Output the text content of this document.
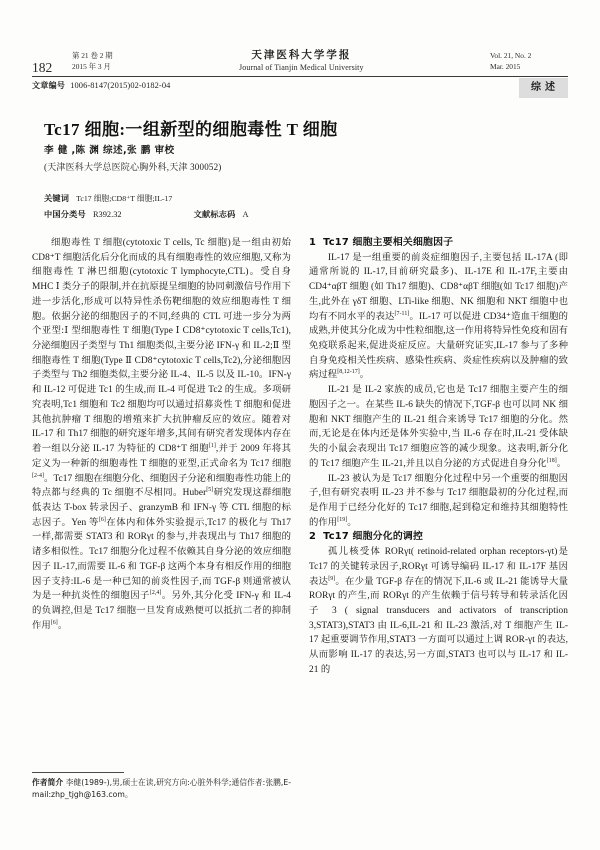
182
第 21 卷 2 期
2015 年 3 月
天津医科大学学报
Journal of Tianjin Medical University
Vol. 21, No. 2
Mar. 2015
文章编号 1006-8147(2015)02-0182-04	综述
Tc17 细胞:一组新型的细胞毒性 T 细胞
李 健 ,陈 渊 综述,张 鹏 审校
(天津医科大学总医院心胸外科,天津 300052)
关键词 Tc17 细胞;CD8⁺T 细胞;IL-17
中国分类号 R392.32	文献标志码 A

细胞毒性 T 细胞(cytotoxic T cells, Tc 细胞)是一组由初始 CD8⁺T 细胞活化后分化而成的具有细胞毒性的效应细胞,又称为细胞毒性 T 淋巴细胞(cytotoxic T lymphocyte,CTL)。受自身 MHC Ⅰ 类分子的限制,并在抗原提呈细胞的协同刺激信号作用下进一步活化,形成可以特异性杀伤靶细胞的效应细胞毒性 T 细胞。依据分泌的细胞因子的不同,经典的 CTL 可进一步分为两个亚型:Ⅰ 型细胞毒性 T 细胞(Type Ⅰ CD8⁺cytotoxic T cells,Tc1),分泌细胞因子类型与 Th1 细胞类似,主要分泌 IFN-γ 和 IL-2;Ⅱ 型细胞毒性 T 细胞(Type Ⅱ CD8⁺cytotoxic T cells,Tc2),分泌细胞因子类型与 Th2 细胞类似,主要分泌 IL-4、IL-5 以及 IL-10。IFN-γ 和 IL-12 可促进 Tc1 的生成,而 IL-4 可促进 Tc2 的生成。多项研究表明,Tc1 细胞和 Tc2 细胞均可以通过招募炎性 T 细胞和促进其他抗肿瘤 T 细胞的增殖来扩大抗肿瘤反应的效应。随着对 IL-17 和 Th17 细胞的研究逐年增多,其间有研究者发现体内存在着一组以分泌 IL-17 为特征的 CD8⁺T 细胞[1],并于 2009 年将其定义为一种新的细胞毒性 T 细胞的亚型,正式命名为 Tc17 细胞[2-4]。Tc17 细胞在细胞分化、细胞因子分泌和细胞毒性功能上的特点都与经典的 Tc 细胞不尽相同。Huber[5]研究发现这群细胞低表达 T-box 转录因子、granzymB 和 IFN-γ 等 CTL 细胞的标志因子。Yen 等[6]在体内和体外实验提示,Tc17 的极化与 Th17 一样,都需要 STAT3 和 RORγt 的参与,并表现出与 Th17 细胞的诸多相似性。Tc17 细胞分化过程不依赖其自身分泌的效应细胞因子 IL-17,而需要 IL-6 和 TGF-β 这两个本身有相反作用的细胞因子支持:IL-6 是一种已知的前炎性因子,而 TGF-β 则通常被认为是一种抗炎性的细胞因子[2,4]。另外,其分化受 IFN-γ 和 IL-4 的负调控,但是 Tc17 细胞一旦发育成熟便可以抵抗二者的抑制作用[6]。

1 Tc17 细胞主要相关细胞因子

IL-17 是一组重要的前炎症细胞因子,主要包括 IL-17A (即通常所说的 IL-17,目前研究最多)、IL-17E 和 IL-17F,主要由 CD4⁺αβT 细胞 (如 Th17 细胞)、CD8⁺αβT 细胞(如 Tc17 细胞)产生,此外在 γδT 细胞、LTi-like 细胞、NK 细胞和 NKT 细胞中也均有不同水平的表达[7-11]。IL-17 可以促进 CD34⁺造血干细胞的成熟,并使其分化成为中性粒细胞,这一作用将特异性免疫和固有免疫联系起来,促进炎症反应。大量研究证实,IL-17 参与了多种自身免疫相关性疾病、感染性疾病、炎症性疾病以及肿瘤的致病过程[8,12-17]。

IL-21 是 IL-2 家族的成员,它也是 Tc17 细胞主要产生的细胞因子之一。在某些 IL-6 缺失的情况下,TGF-β 也可以同 NK 细胞和 NKT 细胞产生的 IL-21 组合来诱导 Tc17 细胞的分化。然而,无论是在体内还是体外实验中,当 IL-6 存在时,IL-21 受体缺失的小鼠会表现出 Tc17 细胞应答的减少现象。这表明,新分化的 Tc17 细胞产生 IL-21,并且以自分泌的方式促进自身分化[18]。

IL-23 被认为是 Tc17 细胞分化过程中另一个重要的细胞因子,但有研究表明 IL-23 并不参与 Tc17 细胞最初的分化过程,而是作用于已经分化好的 Tc17 细胞,起到稳定和维持其细胞特性的作用[19]。

2 Tc17 细胞分化的调控

孤儿核受体 RORγt( retinoid-related orphan receptors-γt)是 Tc17 的关键转录因子,RORγt 可诱导编码 IL-17 和 IL-17F 基因表达[9]。在少量 TGF-β 存在的情况下,IL-6 或 IL-21 能诱导大量 RORγt 的产生,而 RORγt 的产生依赖于信号转导和转录活化因子 3 ( signal transducers and activators of transcription 3,STAT3),STAT3 由 IL-6,IL-21 和 IL-23 激活,对 T 细胞产生 IL-17 起重要调节作用,STAT3 一方面可以通过上调 ROR-γt 的表达,从而影响 IL-17 的表达,另一方面,STAT3 也可以与 IL-17 和 IL-21 的

作者简介 李健(1989-),男,硕士在读,研究方向:心脏外科学;通信作者:张鹏,E-mail:zhp_tjgh@163.com。
